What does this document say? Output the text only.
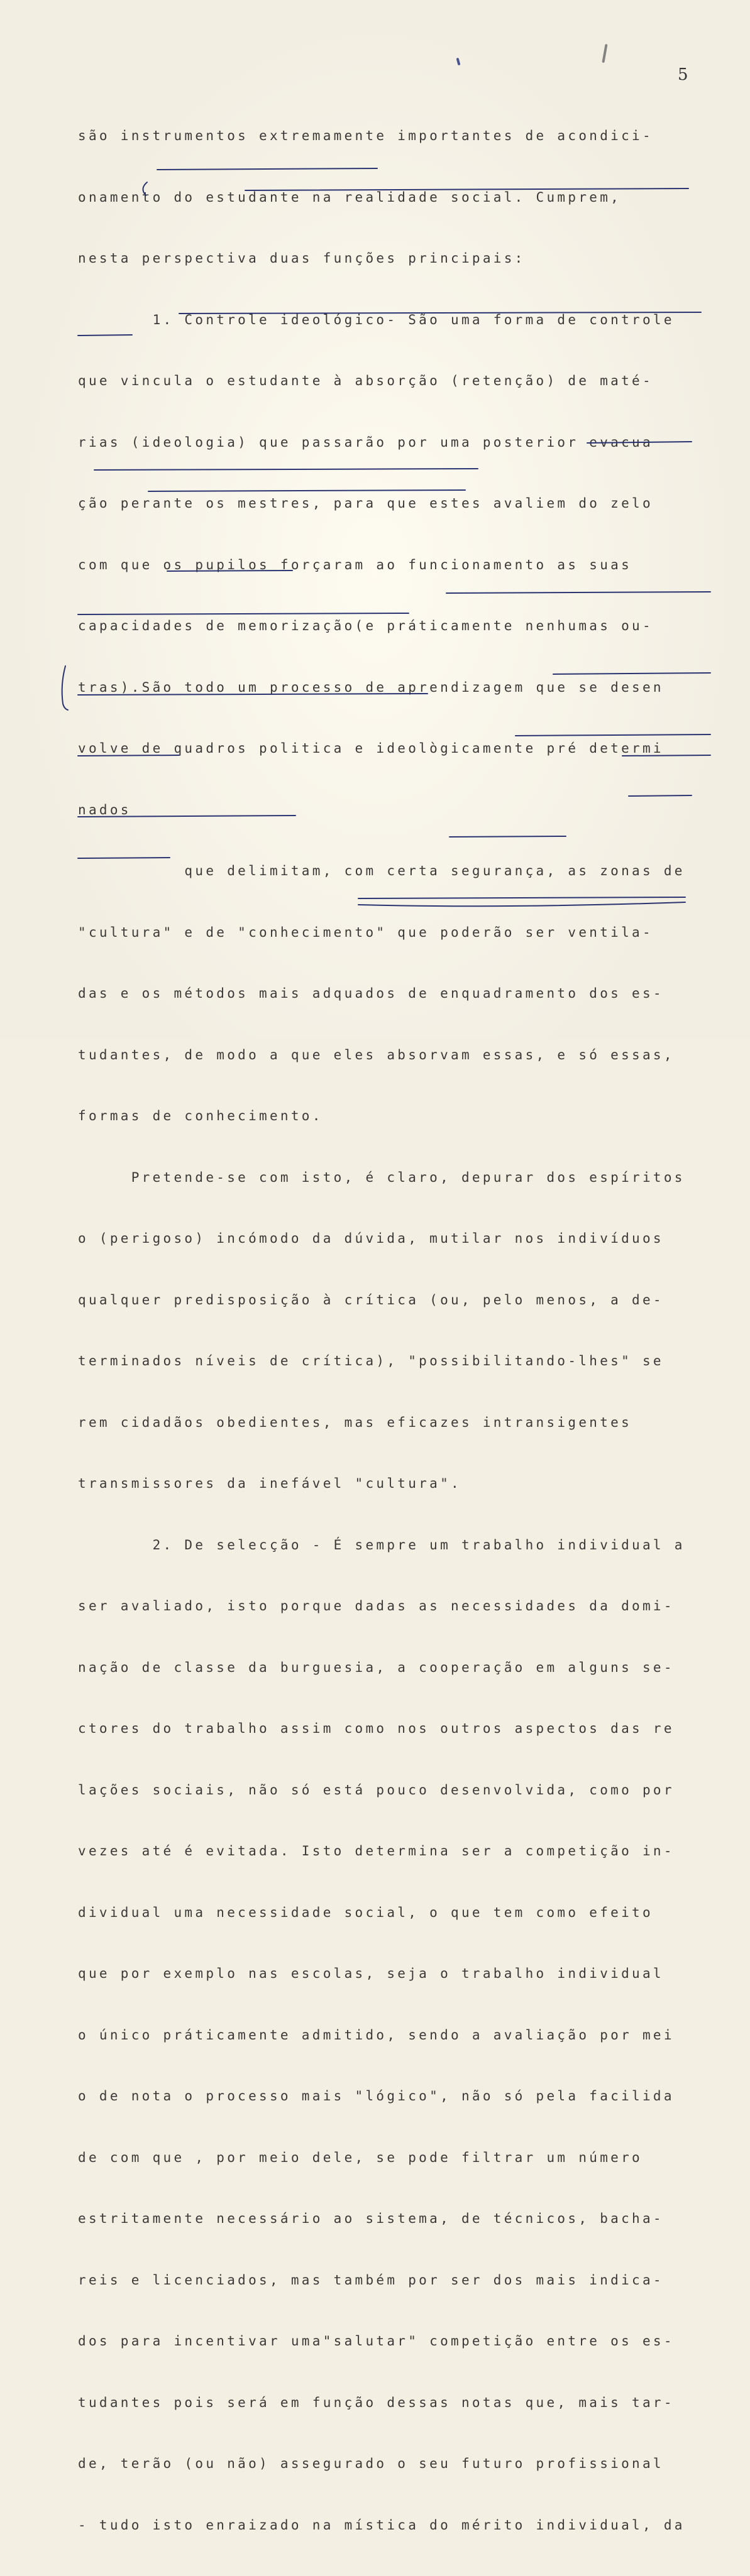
5

são instrumentos extremamente importantes de acondici-

onamento do estudante na realidade social. Cumprem,

nesta perspectiva duas funções principais:

1. Controle ideológico- São uma forma de controle

que vincula o estudante à absorção (retenção) de maté-

rias (ideologia) que passarão por uma posterior evacua

ção perante os mestres, para que estes avaliem do zelo

com que os pupilos forçaram ao funcionamento as suas

capacidades de memorização(e práticamente nenhumas ou-

tras).São todo um processo de aprendizagem que se desen

volve de quadros politica e ideològicamente pré determi

nados

que delimitam, com certa segurança, as zonas de

"cultura" e de "conhecimento" que poderão ser ventila-

das e os métodos mais adquados de enquadramento dos es-

tudantes, de modo a que eles absorvam essas, e só essas,

formas de conhecimento.

Pretende-se com isto, é claro, depurar dos espíritos

o (perigoso) incómodo da dúvida, mutilar nos indivíduos

qualquer predisposição à crítica (ou, pelo menos, a de-

terminados níveis de crítica), "possibilitando-lhes" se

rem cidadãos obedientes, mas eficazes intransigentes

transmissores da inefável "cultura".

2. De selecção - É sempre um trabalho individual a

ser avaliado, isto porque dadas as necessidades da domi-

nação de classe da burguesia, a cooperação em alguns se-

ctores do trabalho assim como nos outros aspectos das re

lações sociais, não só está pouco desenvolvida, como por

vezes até é evitada. Isto determina ser a competição in-

dividual uma necessidade social, o que tem como efeito

que por exemplo nas escolas, seja o trabalho individual

o único práticamente admitido, sendo a avaliação por mei

o de nota o processo mais "lógico", não só pela facilida

de com que , por meio dele, se pode filtrar um número

estritamente necessário ao sistema, de técnicos, bacha-

reis e licenciados, mas também por ser dos mais indica-

dos para incentivar uma"salutar" competição entre os es-

tudantes pois será em função dessas notas que, mais tar-

de, terão (ou não) assegurado o seu futuro profissional

- tudo isto enraizado na mística do mérito individual, da
